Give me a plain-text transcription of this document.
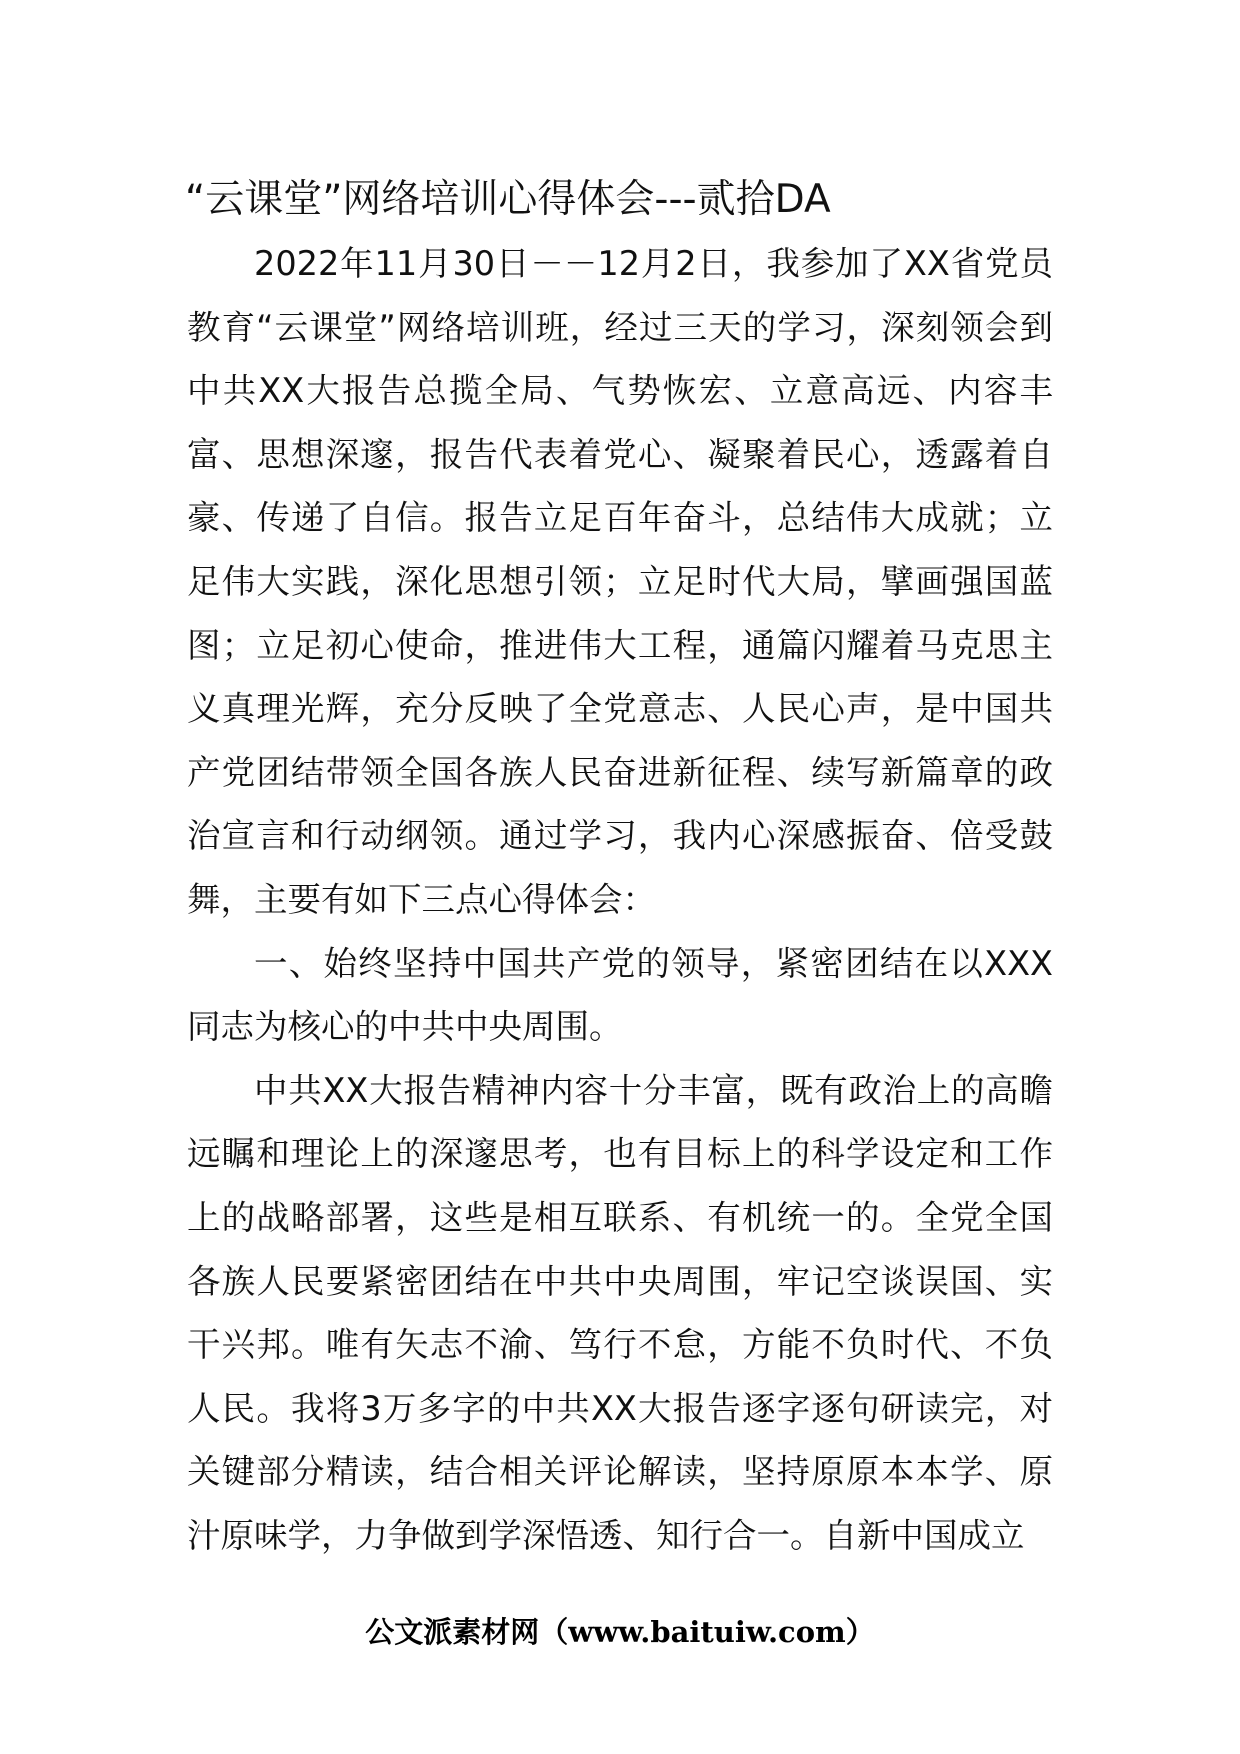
“云课堂”网络培训心得体会---贰拾DA

2022年11月30日－－12月2日，我参加了XX省党员教育“云课堂”网络培训班，经过三天的学习，深刻领会到中共XX大报告总揽全局、气势恢宏、立意高远、内容丰富、思想深邃，报告代表着党心、凝聚着民心，透露着自豪、传递了自信。报告立足百年奋斗，总结伟大成就；立足伟大实践，深化思想引领；立足时代大局，擘画强国蓝图；立足初心使命，推进伟大工程，通篇闪耀着马克思主义真理光辉，充分反映了全党意志、人民心声，是中国共产党团结带领全国各族人民奋进新征程、续写新篇章的政治宣言和行动纲领。通过学习，我内心深感振奋、倍受鼓舞，主要有如下三点心得体会：

一、始终坚持中国共产党的领导，紧密团结在以XXX同志为核心的中共中央周围。

中共XX大报告精神内容十分丰富，既有政治上的高瞻远瞩和理论上的深邃思考，也有目标上的科学设定和工作上的战略部署，这些是相互联系、有机统一的。全党全国各族人民要紧密团结在中共中央周围，牢记空谈误国、实干兴邦。唯有矢志不渝、笃行不怠，方能不负时代、不负人民。我将3万多字的中共XX大报告逐字逐句研读完，对关键部分精读，结合相关评论解读，坚持原原本本学、原汁原味学，力争做到学深悟透、知行合一。自新中国成立

公文派素材网（www.baituiw.com）
